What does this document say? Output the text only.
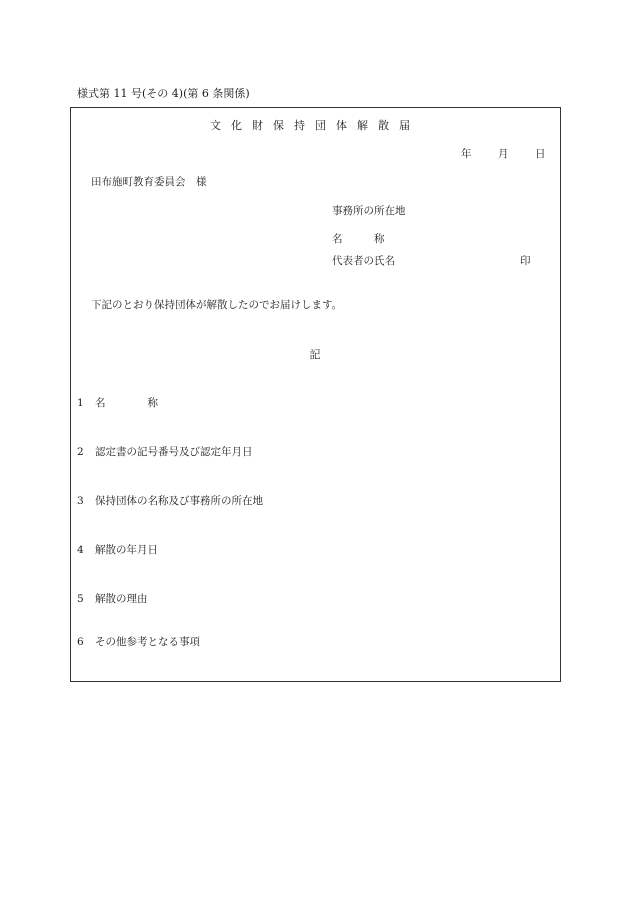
様式第 11 号(その 4)(第 6 条関係)
文化財保持団体解散届
年	月	日
田布施町教育委員会　様
事務所の所在地
名　　　称
代表者の氏名	印
下記のとおり保持団体が解散したのでお届けします。
記
1 名　　　　称
2 認定書の記号番号及び認定年月日
3 保持団体の名称及び事務所の所在地
4 解散の年月日
5 解散の理由
6 その他参考となる事項
